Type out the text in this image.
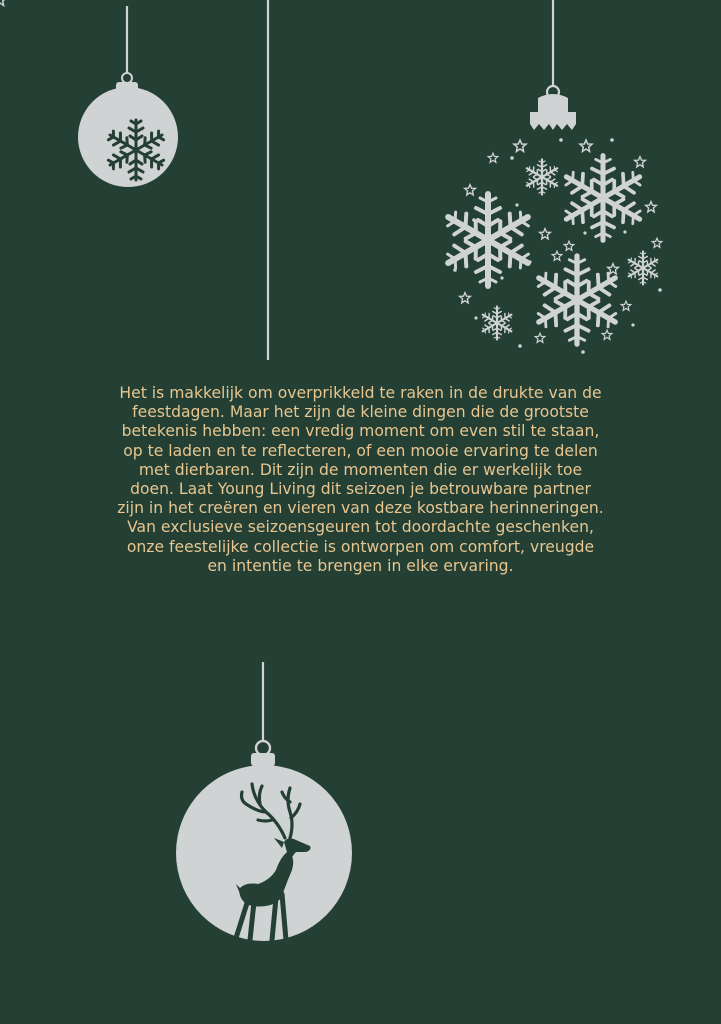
Het is makkelijk om overprikkeld te raken in de drukte van de
feestdagen. Maar het zijn de kleine dingen die de grootste
betekenis hebben: een vredig moment om even stil te staan,
op te laden en te reflecteren, of een mooie ervaring te delen
met dierbaren. Dit zijn de momenten die er werkelijk toe
doen. Laat Young Living dit seizoen je betrouwbare partner
zijn in het creëren en vieren van deze kostbare herinneringen.
Van exclusieve seizoensgeuren tot doordachte geschenken,
onze feestelijke collectie is ontworpen om comfort, vreugde
en intentie te brengen in elke ervaring.
